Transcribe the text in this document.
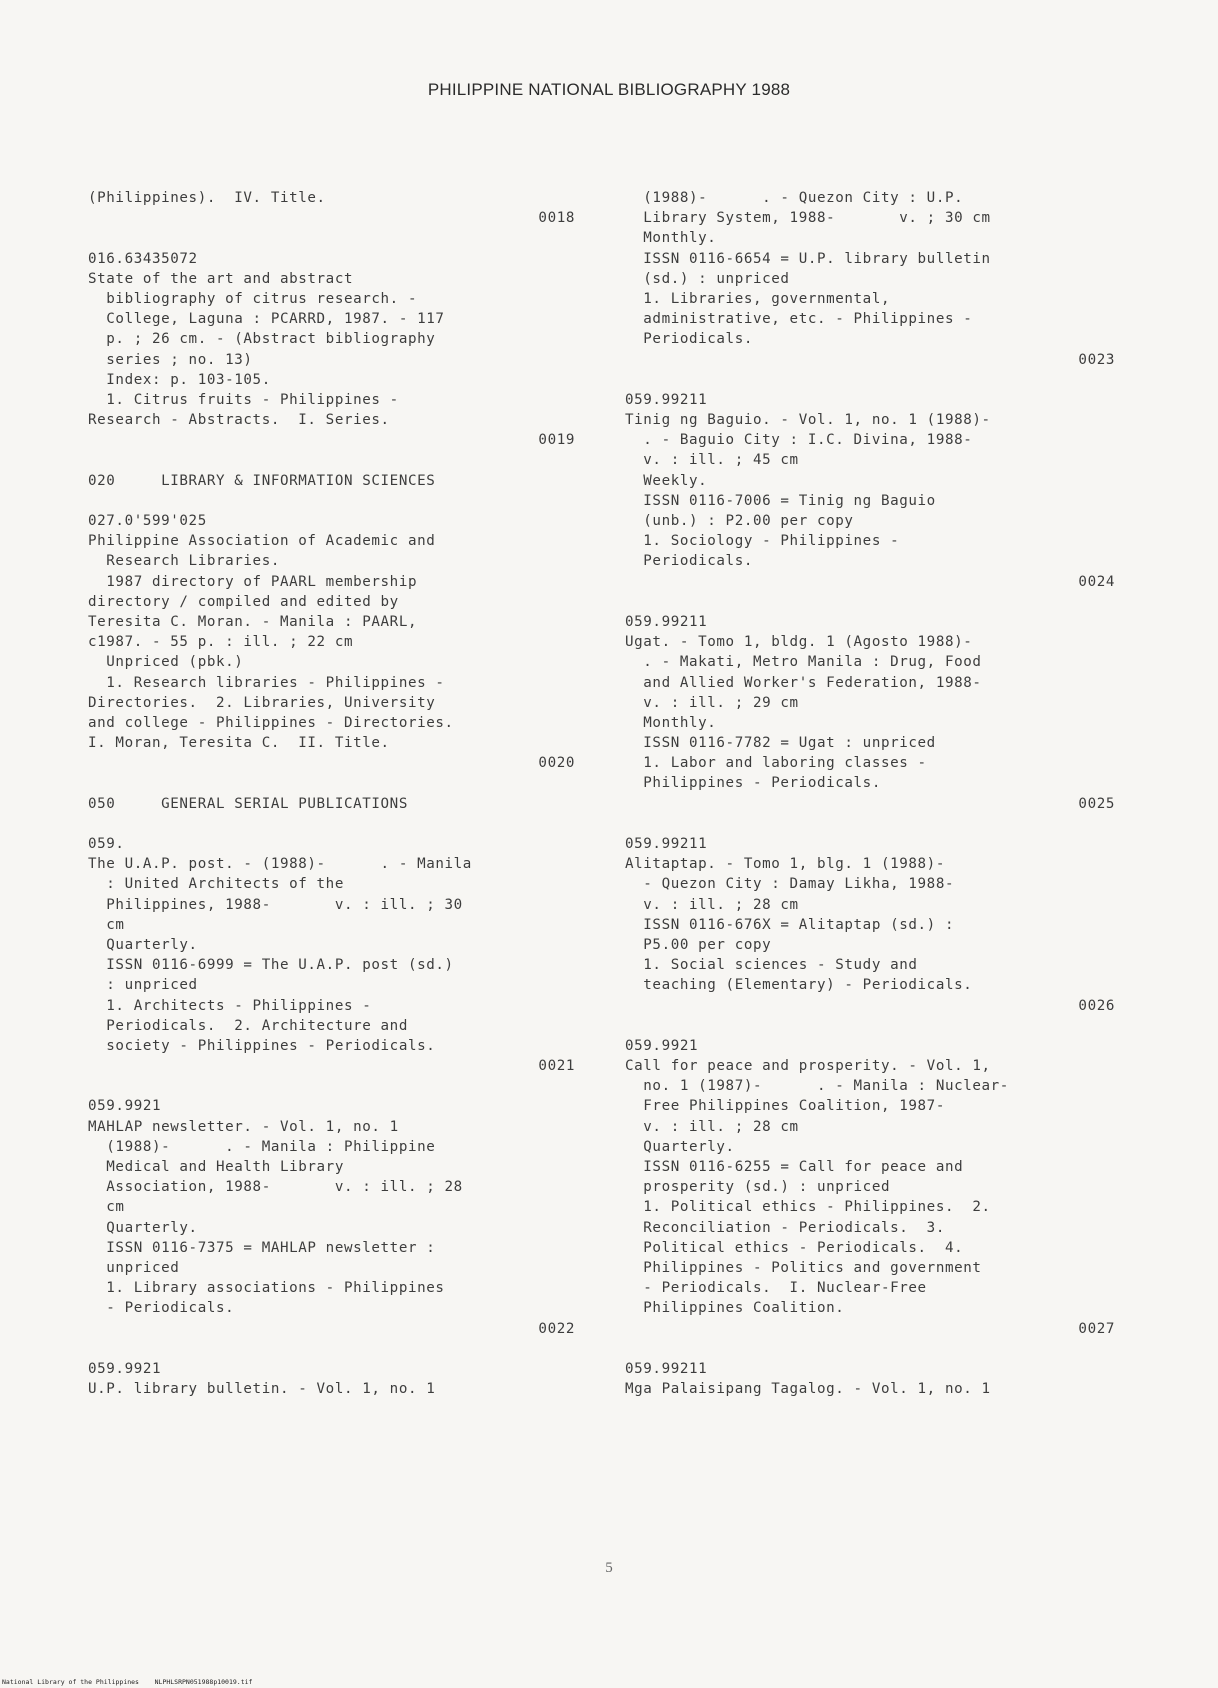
PHILIPPINE NATIONAL BIBLIOGRAPHY 1988
(Philippines).  IV. Title.
0018
016.63435072
State of the art and abstract
bibliography of citrus research. -
College, Laguna : PCARRD, 1987. - 117
p. ; 26 cm. - (Abstract bibliography
series ; no. 13)
Index: p. 103-105.
1. Citrus fruits - Philippines -
Research - Abstracts.  I. Series.
0019
020     LIBRARY & INFORMATION SCIENCES
027.0'599'025
Philippine Association of Academic and
Research Libraries.
1987 directory of PAARL membership
directory / compiled and edited by
Teresita C. Moran. - Manila : PAARL,
c1987. - 55 p. : ill. ; 22 cm
Unpriced (pbk.)
1. Research libraries - Philippines -
Directories.  2. Libraries, University
and college - Philippines - Directories.
I. Moran, Teresita C.  II. Title.
0020
050     GENERAL SERIAL PUBLICATIONS
059.
The U.A.P. post. - (1988)-      . - Manila
: United Architects of the
Philippines, 1988-       v. : ill. ; 30
cm
Quarterly.
ISSN 0116-6999 = The U.A.P. post (sd.)
: unpriced
1. Architects - Philippines -
Periodicals.  2. Architecture and
society - Philippines - Periodicals.
0021
059.9921
MAHLAP newsletter. - Vol. 1, no. 1
(1988)-      . - Manila : Philippine
Medical and Health Library
Association, 1988-       v. : ill. ; 28
cm
Quarterly.
ISSN 0116-7375 = MAHLAP newsletter :
unpriced
1. Library associations - Philippines
- Periodicals.
0022
059.9921
U.P. library bulletin. - Vol. 1, no. 1
(1988)-      . - Quezon City : U.P.
Library System, 1988-       v. ; 30 cm
Monthly.
ISSN 0116-6654 = U.P. library bulletin
(sd.) : unpriced
1. Libraries, governmental,
administrative, etc. - Philippines -
Periodicals.
0023
059.99211
Tinig ng Baguio. - Vol. 1, no. 1 (1988)-
. - Baguio City : I.C. Divina, 1988-
v. : ill. ; 45 cm
Weekly.
ISSN 0116-7006 = Tinig ng Baguio
(unb.) : P2.00 per copy
1. Sociology - Philippines -
Periodicals.
0024
059.99211
Ugat. - Tomo 1, bldg. 1 (Agosto 1988)-
. - Makati, Metro Manila : Drug, Food
and Allied Worker's Federation, 1988-
v. : ill. ; 29 cm
Monthly.
ISSN 0116-7782 = Ugat : unpriced
1. Labor and laboring classes -
Philippines - Periodicals.
0025
059.99211
Alitaptap. - Tomo 1, blg. 1 (1988)-
- Quezon City : Damay Likha, 1988-
v. : ill. ; 28 cm
ISSN 0116-676X = Alitaptap (sd.) :
P5.00 per copy
1. Social sciences - Study and
teaching (Elementary) - Periodicals.
0026
059.9921
Call for peace and prosperity. - Vol. 1,
no. 1 (1987)-      . - Manila : Nuclear-
Free Philippines Coalition, 1987-
v. : ill. ; 28 cm
Quarterly.
ISSN 0116-6255 = Call for peace and
prosperity (sd.) : unpriced
1. Political ethics - Philippines.  2.
Reconciliation - Periodicals.  3.
Political ethics - Periodicals.  4.
Philippines - Politics and government
- Periodicals.  I. Nuclear-Free
Philippines Coalition.
0027
059.99211
Mga Palaisipang Tagalog. - Vol. 1, no. 1
5
National Library of the Philippines    NLPHLSRPN051988p10019.tif
